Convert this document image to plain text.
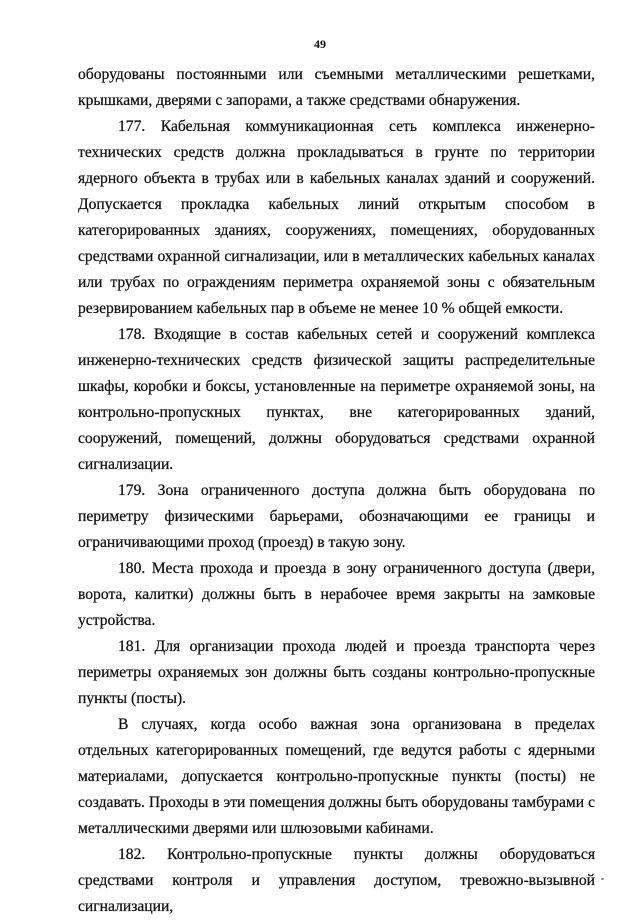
49

оборудованы постоянными или съемными металлическими решетками, крышками, дверями с запорами, а также средствами обнаружения.

177. Кабельная коммуникационная сеть комплекса инженерно-технических средств должна прокладываться в грунте по территории ядерного объекта в трубах или в кабельных каналах зданий и сооружений. Допускается прокладка кабельных линий открытым способом в категорированных зданиях, сооружениях, помещениях, оборудованных средствами охранной сигнализации, или в металлических кабельных каналах или трубах по ограждениям периметра охраняемой зоны с обязательным резервированием кабельных пар в объеме не менее 10 % общей емкости.

178. Входящие в состав кабельных сетей и сооружений комплекса инженерно-технических средств физической защиты распределительные шкафы, коробки и боксы, установленные на периметре охраняемой зоны, на контрольно-пропускных пунктах, вне категорированных зданий, сооружений, помещений, должны оборудоваться средствами охранной сигнализации.

179. Зона ограниченного доступа должна быть оборудована по периметру физическими барьерами, обозначающими ее границы и ограничивающими проход (проезд) в такую зону.

180. Места прохода и проезда в зону ограниченного доступа (двери, ворота, калитки) должны быть в нерабочее время закрыты на замковые устройства.

181. Для организации прохода людей и проезда транспорта через периметры охраняемых зон должны быть созданы контрольно-пропускные пункты (посты).

В случаях, когда особо важная зона организована в пределах отдельных категорированных помещений, где ведутся работы с ядерными материалами, допускается контрольно-пропускные пункты (посты) не создавать. Проходы в эти помещения должны быть оборудованы тамбурами с металлическими дверями или шлюзовыми кабинами.

182. Контрольно-пропускные пункты должны оборудоваться средствами контроля и управления доступом, тревожно-вызывной сигнализации,
